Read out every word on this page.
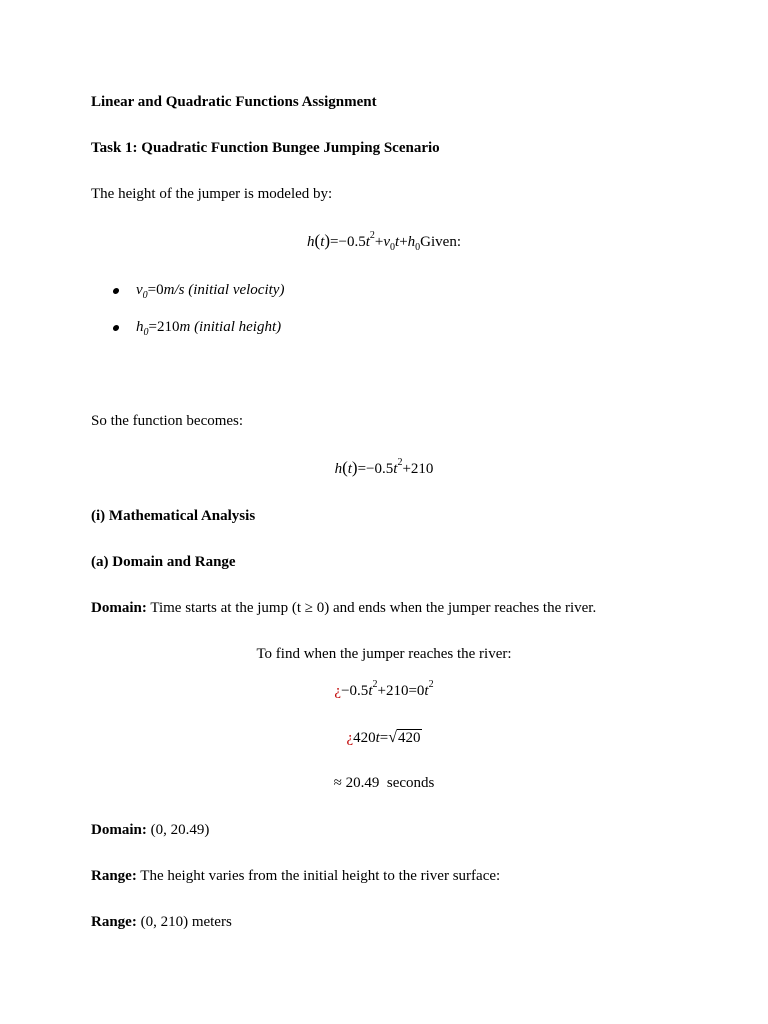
Linear and Quadratic Functions Assignment
Task 1: Quadratic Function Bungee Jumping Scenario
The height of the jumper is modeled by:
$h(t)=-0.5t^2+v_0t+h_0Given$:
$v_0=0m/s$ (initial velocity)
$h_0=210m$ (initial height)
So the function becomes:
$h(t)=-0.5t^2+210$
(i) Mathematical Analysis
(a) Domain and Range
Domain: Time starts at the jump (t ≥ 0) and ends when the jumper reaches the river.
To find when the jumper reaches the river:
¿$-0.5t^2+210=0t^2$
¿420t=√420
≈ 20.49 seconds
Domain: (0, 20.49)
Range: The height varies from the initial height to the river surface:
Range: (0, 210) meters
